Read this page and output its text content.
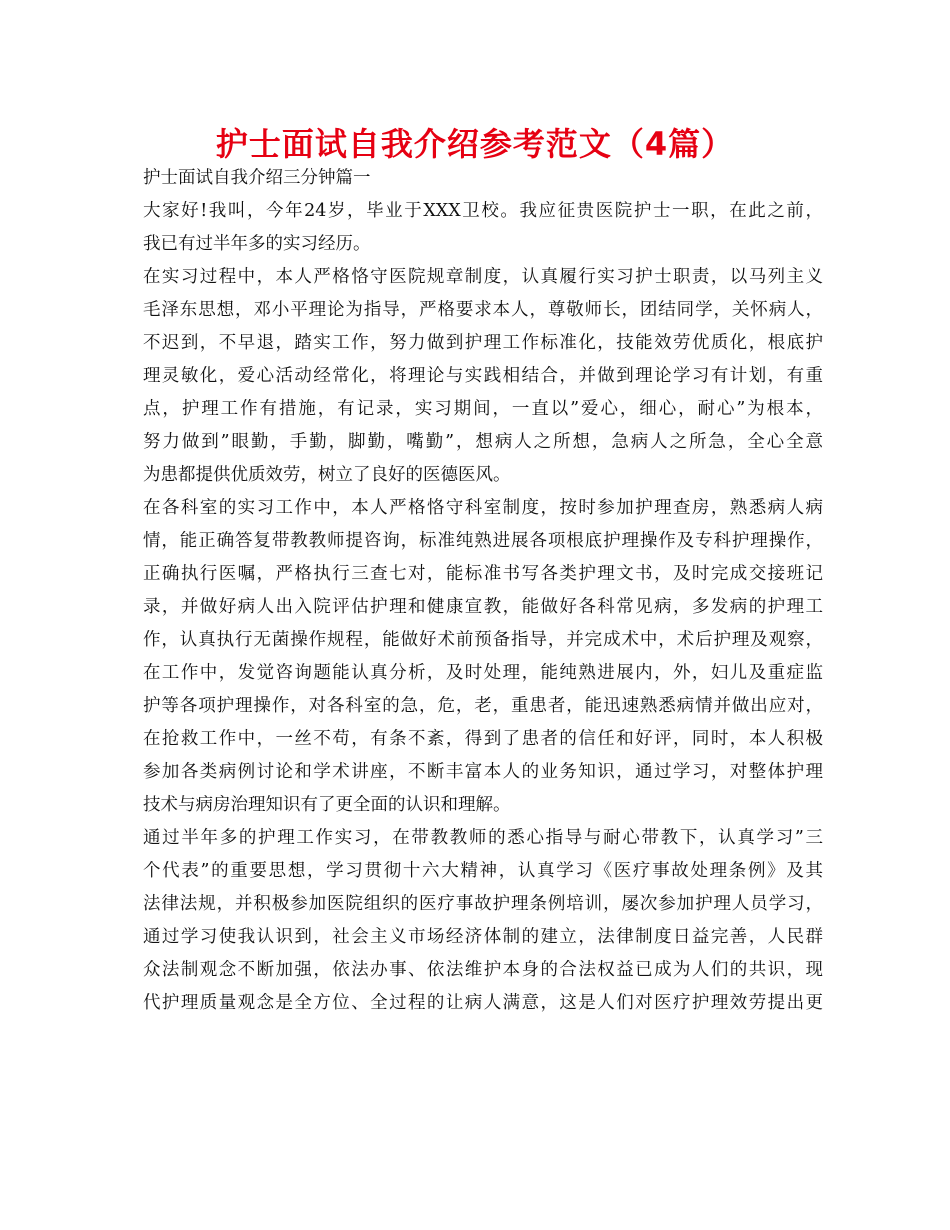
护士面试自我介绍参考范文（4篇）

护士面试自我介绍三分钟篇一

大家好!我叫，今年24岁，毕业于XXX卫校。我应征贵医院护士一职，在此之前，
我已有过半年多的实习经历。

在实习过程中，本人严格恪守医院规章制度，认真履行实习护士职责，以马列主义
毛泽东思想，邓小平理论为指导，严格要求本人，尊敬师长，团结同学，关怀病人，
不迟到，不早退，踏实工作，努力做到护理工作标准化，技能效劳优质化，根底护
理灵敏化，爱心活动经常化，将理论与实践相结合，并做到理论学习有计划，有重
点，护理工作有措施，有记录，实习期间，一直以”爱心，细心，耐心”为根本，
努力做到”眼勤，手勤，脚勤，嘴勤”，想病人之所想，急病人之所急，全心全意
为患都提供优质效劳，树立了良好的医德医风。

在各科室的实习工作中，本人严格恪守科室制度，按时参加护理查房，熟悉病人病
情，能正确答复带教教师提咨询，标准纯熟进展各项根底护理操作及专科护理操作，
正确执行医嘱，严格执行三查七对，能标准书写各类护理文书，及时完成交接班记
录，并做好病人出入院评估护理和健康宣教，能做好各科常见病，多发病的护理工
作，认真执行无菌操作规程，能做好术前预备指导，并完成术中，术后护理及观察，
在工作中，发觉咨询题能认真分析，及时处理，能纯熟进展内，外，妇儿及重症监
护等各项护理操作，对各科室的急，危，老，重患者，能迅速熟悉病情并做出应对，
在抢救工作中，一丝不苟，有条不紊，得到了患者的信任和好评，同时，本人积极
参加各类病例讨论和学术讲座，不断丰富本人的业务知识，通过学习，对整体护理
技术与病房治理知识有了更全面的认识和理解。

通过半年多的护理工作实习，在带教教师的悉心指导与耐心带教下，认真学习”三
个代表”的重要思想，学习贯彻十六大精神，认真学习《医疗事故处理条例》及其
法律法规，并积极参加医院组织的医疗事故护理条例培训，屡次参加护理人员学习，
通过学习使我认识到，社会主义市场经济体制的建立，法律制度日益完善，人民群
众法制观念不断加强，依法办事、依法维护本身的合法权益已成为人们的共识，现
代护理质量观念是全方位、全过程的让病人满意，这是人们对医疗护理效劳提出更
